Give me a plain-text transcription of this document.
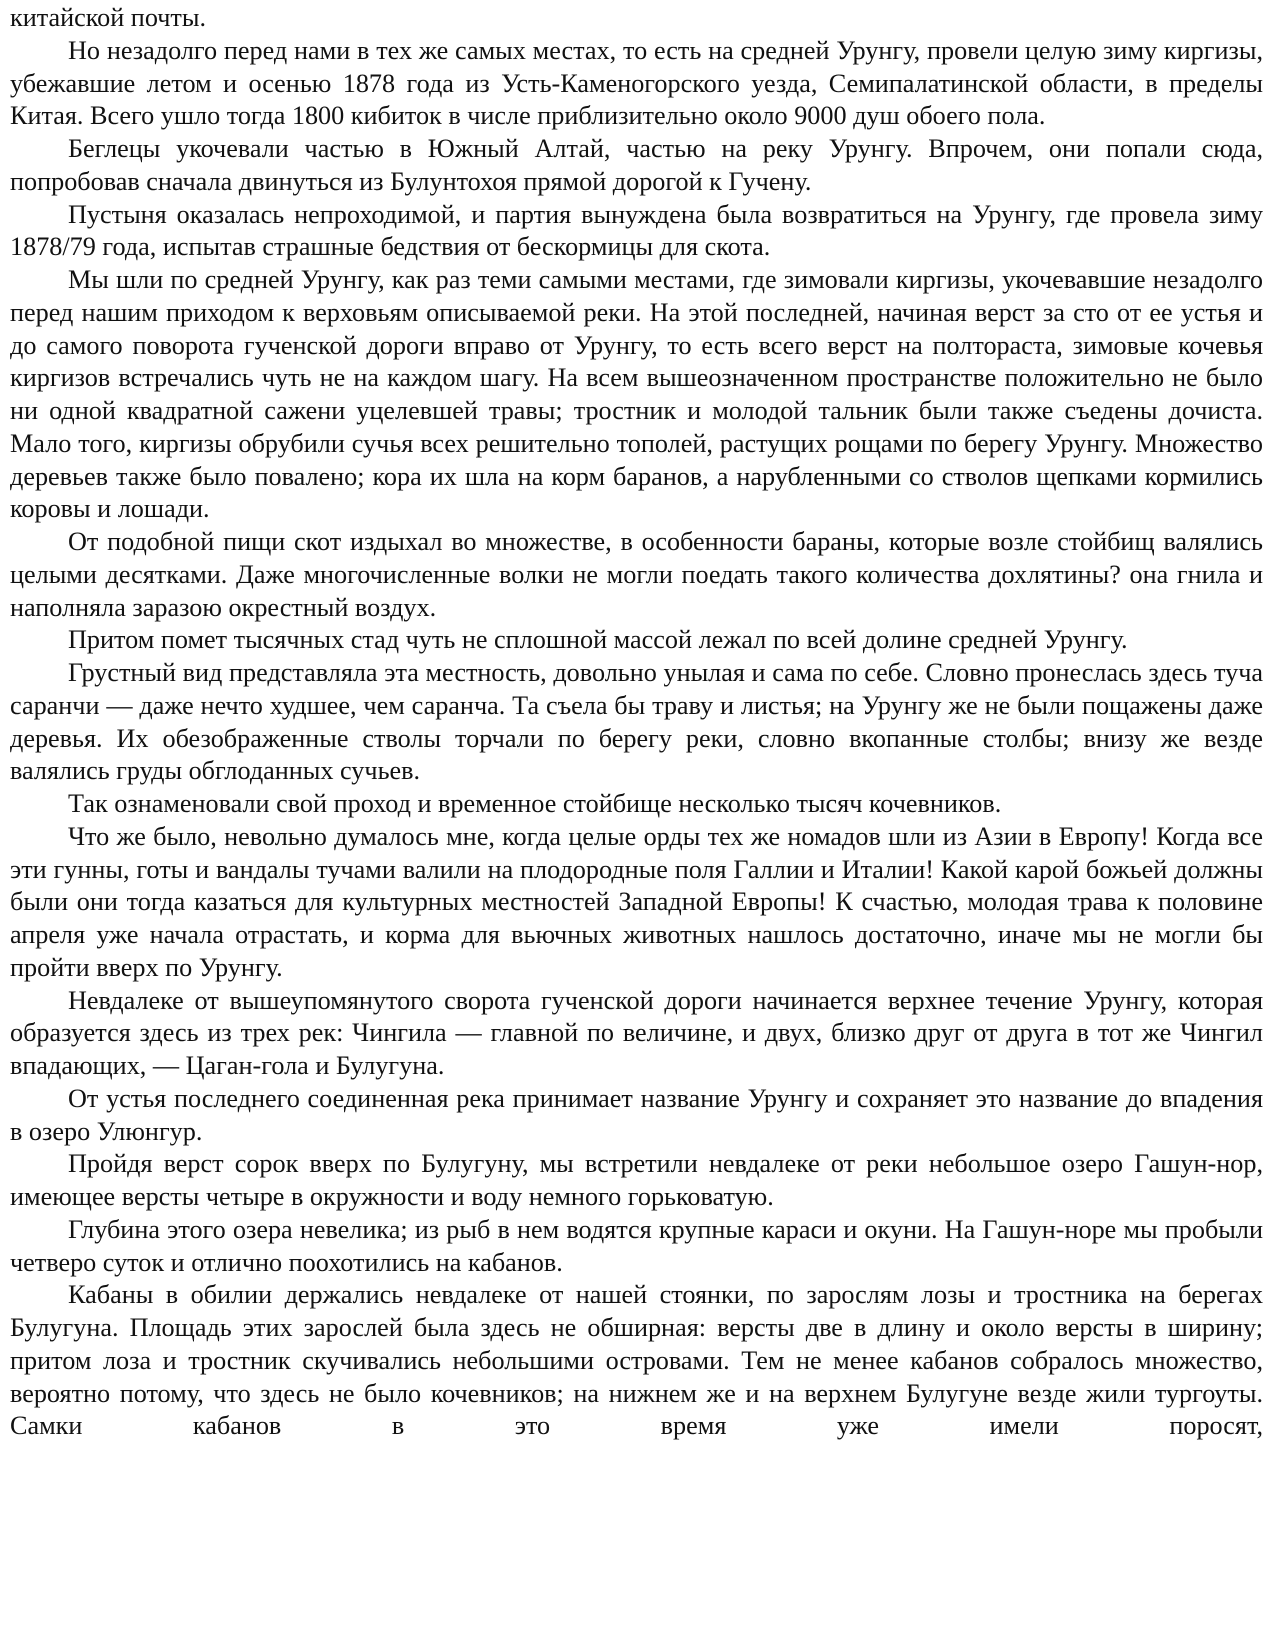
китайской почты.

Но незадолго перед нами в тех же самых местах, то есть на средней Урунгу, провели целую зиму киргизы, убежавшие летом и осенью 1878 года из Усть-Каменогорского уезда, Семипалатинской области, в пределы Китая. Всего ушло тогда 1800 кибиток в числе приблизительно около 9000 душ обоего пола.

Беглецы укочевали частью в Южный Алтай, частью на реку Урунгу. Впрочем, они попали сюда, попробовав сначала двинуться из Булунтохоя прямой дорогой к Гучену.

Пустыня оказалась непроходимой, и партия вынуждена была возвратиться на Урунгу, где провела зиму 1878/79 года, испытав страшные бедствия от бескормицы для скота.

Мы шли по средней Урунгу, как раз теми самыми местами, где зимовали киргизы, укочевавшие незадолго перед нашим приходом к верховьям описываемой реки. На этой последней, начиная верст за сто от ее устья и до самого поворота гученской дороги вправо от Урунгу, то есть всего верст на полтораста, зимовые кочевья киргизов встречались чуть не на каждом шагу. На всем вышеозначенном пространстве положительно не было ни одной квадратной сажени уцелевшей травы; тростник и молодой тальник были также съедены дочиста. Мало того, киргизы обрубили сучья всех решительно тополей, растущих рощами по берегу Урунгу. Множество деревьев также было повалено; кора их шла на корм баранов, а нарубленными со стволов щепками кормились коровы и лошади.

От подобной пищи скот издыхал во множестве, в особенности бараны, которые возле стойбищ валялись целыми десятками. Даже многочисленные волки не могли поедать такого количества дохлятины? она гнила и наполняла заразою окрестный воздух.

Притом помет тысячных стад чуть не сплошной массой лежал по всей долине средней Урунгу.

Грустный вид представляла эта местность, довольно унылая и сама по себе. Словно пронеслась здесь туча саранчи — даже нечто худшее, чем саранча. Та съела бы траву и листья; на Урунгу же не были пощажены даже деревья. Их обезображенные стволы торчали по берегу реки, словно вкопанные столбы; внизу же везде валялись груды обглоданных сучьев.

Так ознаменовали свой проход и временное стойбище несколько тысяч кочевников.

Что же было, невольно думалось мне, когда целые орды тех же номадов шли из Азии в Европу! Когда все эти гунны, готы и вандалы тучами валили на плодородные поля Галлии и Италии! Какой карой божьей должны были они тогда казаться для культурных местностей Западной Европы! К счастью, молодая трава к половине апреля уже начала отрастать, и корма для вьючных животных нашлось достаточно, иначе мы не могли бы пройти вверх по Урунгу.

Невдалеке от вышеупомянутого сворота гученской дороги начинается верхнее течение Урунгу, которая образуется здесь из трех рек: Чингила — главной по величине, и двух, близко друг от друга в тот же Чингил впадающих, — Цаган-гола и Булугуна.

От устья последнего соединенная река принимает название Урунгу и сохраняет это название до впадения в озеро Улюнгур.

Пройдя верст сорок вверх по Булугуну, мы встретили невдалеке от реки небольшое озеро Гашун-нор, имеющее версты четыре в окружности и воду немного горьковатую.

Глубина этого озера невелика; из рыб в нем водятся крупные караси и окуни. На Гашун-норе мы пробыли четверо суток и отлично поохотились на кабанов.

Кабаны в обилии держались невдалеке от нашей стоянки, по зарослям лозы и тростника на берегах Булугуна. Площадь этих зарослей была здесь не обширная: версты две в длину и около версты в ширину; притом лоза и тростник скучивались небольшими островами. Тем не менее кабанов собралось множество, вероятно потому, что здесь не было кочевников; на нижнем же и на верхнем Булугуне везде жили тургоуты. Самки кабанов в это время уже имели поросят,
